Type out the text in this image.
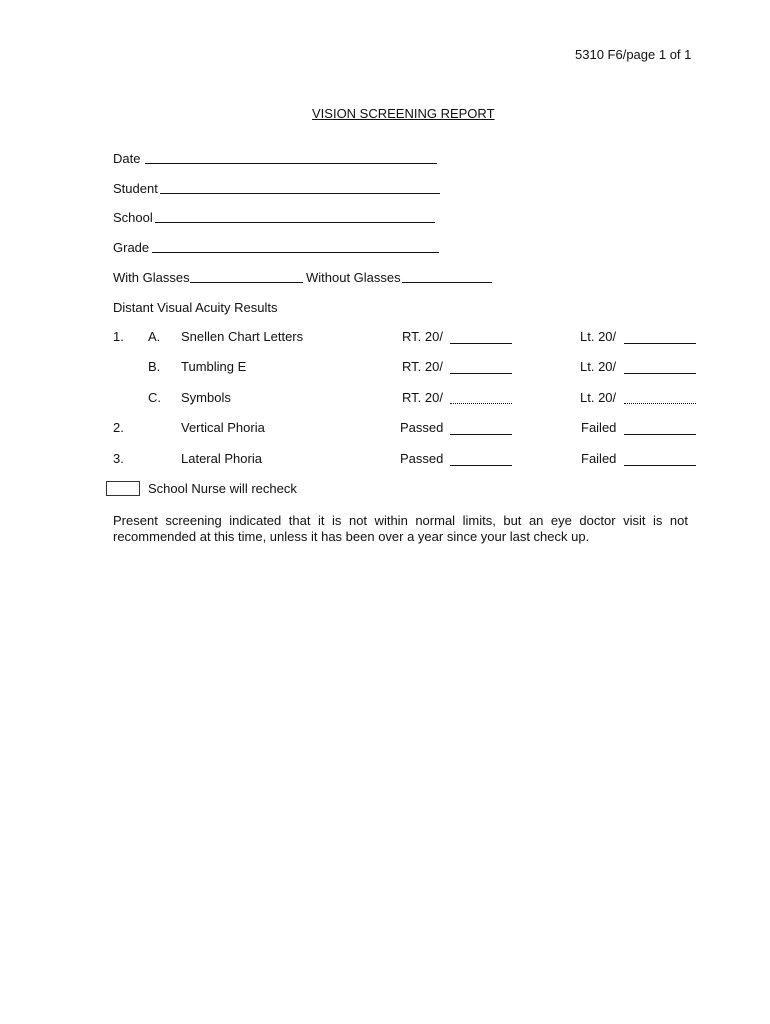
5310 F6/page 1 of 1
VISION SCREENING REPORT
Date
Student
School
Grade
With Glasses	Without Glasses
Distant Visual Acuity Results
1. A. Snellen Chart Letters	RT. 20/	Lt. 20/
B. Tumbling E	RT. 20/	Lt. 20/
C. Symbols	RT. 20/	Lt. 20/
2.	Vertical Phoria	Passed	Failed
3.	Lateral Phoria	Passed	Failed
School Nurse will recheck
Present screening indicated that it is not within normal limits, but an eye doctor visit is not recommended at this time, unless it has been over a year since your last check up.
